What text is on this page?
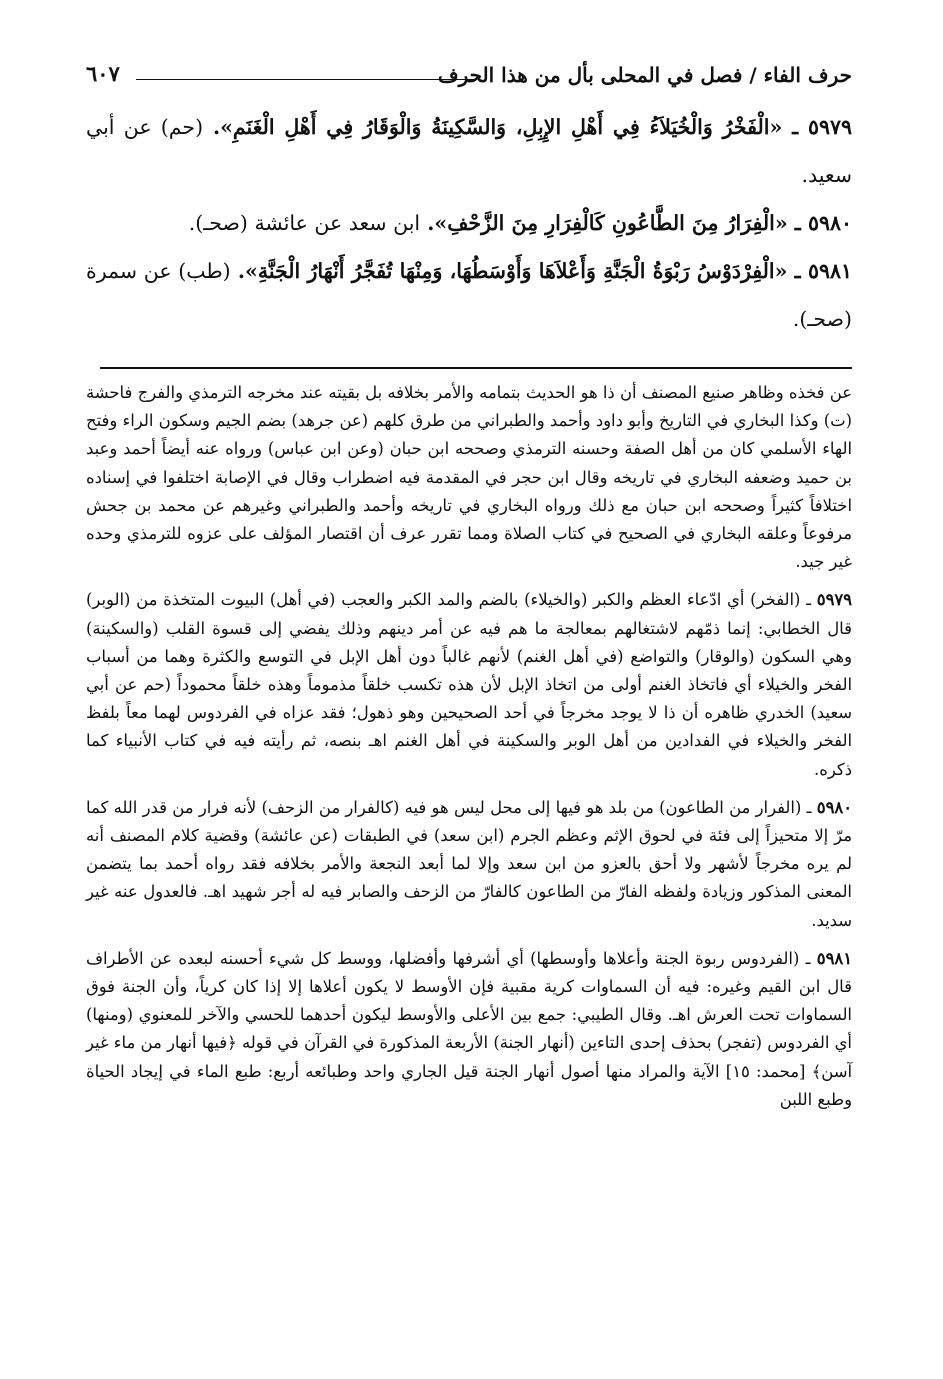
حرف الفاء / فصل في المحلى بأل من هذا الحرف
٦٠٧

٥٩٧٩ ـ «الْفَخْرُ وَالْخُيَلاَءُ فِي أَهْلِ الإِبِلِ، وَالسَّكِينَةُ وَالْوَقَارُ فِي أَهْلِ الْغَنَمِ». (حم) عن أبي سعيد.

٥٩٨٠ ـ «الْفِرَارُ مِنَ الطَّاعُونِ كَالْفِرَارِ مِنَ الزَّحْفِ». ابن سعد عن عائشة (صحـ).

٥٩٨١ ـ «الْفِرْدَوْسُ رَبْوَةُ الْجَنَّةِ وَأَعْلاَهَا وَأَوْسَطُهَا، وَمِنْهَا تُفَجَّرُ أَنْهَارُ الْجَنَّةِ». (طب) عن سمرة (صحـ).

عن فخذه وظاهر صنيع المصنف أن ذا هو الحديث بتمامه والأمر بخلافه بل بقيته عند مخرجه الترمذي والفرج فاحشة (ت) وكذا البخاري في التاريخ وأبو داود وأحمد والطبراني من طرق كلهم (عن جرهد) بضم الجيم وسكون الراء وفتح الهاء الأسلمي كان من أهل الصفة وحسنه الترمذي وصححه ابن حبان (وعن ابن عباس) ورواه عنه أيضاً أحمد وعبد بن حميد وضعفه البخاري في تاريخه وقال ابن حجر في المقدمة فيه اضطراب وقال في الإصابة اختلفوا في إسناده اختلافاً كثيراً وصححه ابن حبان مع ذلك ورواه البخاري في تاريخه وأحمد والطبراني وغيرهم عن محمد بن جحش مرفوعاً وعلقه البخاري في الصحيح في كتاب الصلاة ومما تقرر عرف أن اقتصار المؤلف على عزوه للترمذي وحده غير جيد.

٥٩٧٩ ـ (الفخر) أي ادّعاء العظم والكبر (والخيلاء) بالضم والمد الكبر والعجب (في أهل) البيوت المتخذة من (الوبر) قال الخطابي: إنما ذمّهم لاشتغالهم بمعالجة ما هم فيه عن أمر دينهم وذلك يفضي إلى قسوة القلب (والسكينة) وهي السكون (والوقار) والتواضع (في أهل الغنم) لأنهم غالباً دون أهل الإبل في التوسع والكثرة وهما من أسباب الفخر والخيلاء أي فاتخاذ الغنم أولى من اتخاذ الإبل لأن هذه تكسب خلقاً مذموماً وهذه خلقاً محموداً (حم عن أبي سعيد) الخدري ظاهره أن ذا لا يوجد مخرجاً في أحد الصحيحين وهو ذهول؛ فقد عزاه في الفردوس لهما معاً بلفظ الفخر والخيلاء في الفدادين من أهل الوبر والسكينة في أهل الغنم اهـ بنصه، ثم رأيته فيه في كتاب الأنبياء كما ذكره.

٥٩٨٠ ـ (الفرار من الطاعون) من بلد هو فيها إلى محل ليس هو فيه (كالفرار من الزحف) لأنه فرار من قدر الله كما مرّ إلا متحيزاً إلى فئة في لحوق الإثم وعظم الجرم (ابن سعد) في الطبقات (عن عائشة) وقضية كلام المصنف أنه لم يره مخرجاً لأشهر ولا أحق بالعزو من ابن سعد وإلا لما أبعد النجعة والأمر بخلافه فقد رواه أحمد بما يتضمن المعنى المذكور وزيادة ولفظه الفارّ من الطاعون كالفارّ من الزحف والصابر فيه له أجر شهيد اهـ. فالعدول عنه غير سديد.

٥٩٨١ ـ (الفردوس ربوة الجنة وأعلاها وأوسطها) أي أشرفها وأفضلها، ووسط كل شيء أحسنه لبعده عن الأطراف قال ابن القيم وغيره: فيه أن السماوات كرية مقبية فإن الأوسط لا يكون أعلاها إلا إذا كان كرياً، وأن الجنة فوق السماوات تحت العرش اهـ. وقال الطيبي: جمع بين الأعلى والأوسط ليكون أحدهما للحسي والآخر للمعنوي (ومنها) أي الفردوس (تفجر) بحذف إحدى التاءين (أنهار الجنة) الأربعة المذكورة في القرآن في قوله ﴿فيها أنهار من ماء غير آسن﴾ [محمد: ١٥] الآية والمراد منها أصول أنهار الجنة قيل الجاري واحد وطبائعه أربع: طبع الماء في إيجاد الحياة وطبع اللبن
